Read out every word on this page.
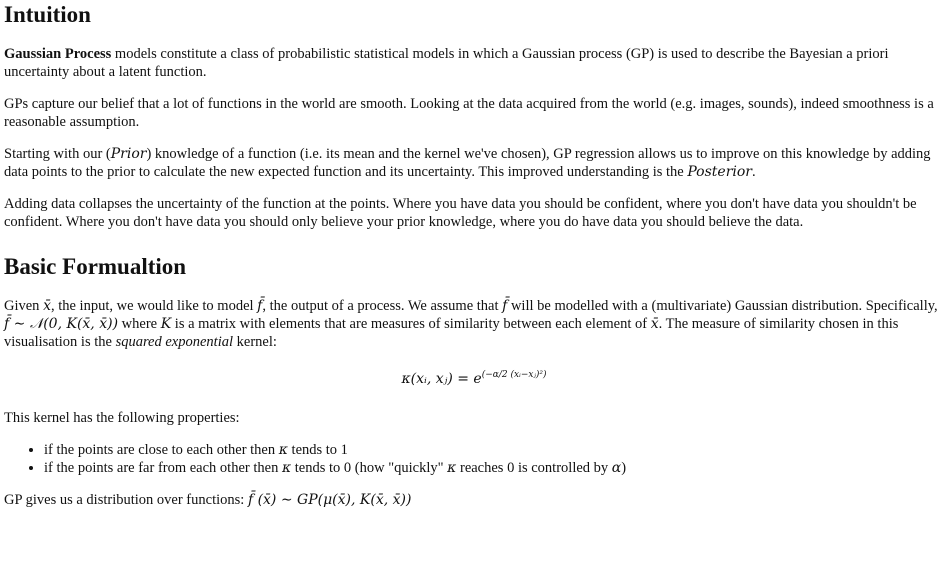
Intuition

Gaussian Process models constitute a class of probabilistic statistical models in which a Gaussian process (GP) is used to describe the Bayesian a priori uncertainty about a latent function.

GPs capture our belief that a lot of functions in the world are smooth. Looking at the data acquired from the world (e.g. images, sounds), indeed smoothness is a reasonable assumption.

Starting with our (Prior) knowledge of a function (i.e. its mean and the kernel we've chosen), GP regression allows us to improve on this knowledge by adding data points to the prior to calculate the new expected function and its uncertainty. This improved understanding is the Posterior.

Adding data collapses the uncertainty of the function at the points. Where you have data you should be confident, where you don't have data you shouldn't be confident. Where you don't have data you should only believe your prior knowledge, where you do have data you should believe the data.

Basic Formualtion

Given x̄, the input, we would like to model f̄, the output of a process. We assume that f̄ will be modelled with a (multivariate) Gaussian distribution. Specifically, f̄ ∼ 𝒩(0, K(x̄, x̄)) where K is a matrix with elements that are measures of similarity between each element of x̄. The measure of similarity chosen in this visualisation is the squared exponential kernel:

κ(xᵢ, xⱼ) = $e^{(-\alpha/2 (xᵢ-xⱼ)^2)}$

This kernel has the following properties:

• if the points are close to each other then κ tends to 1
• if the points are far from each other then κ tends to 0 (how "quickly" κ reaches 0 is controlled by α)

GP gives us a distribution over functions: f̄ (x̄) ∼ GP(μ(x̄), K(x̄, x̄))
